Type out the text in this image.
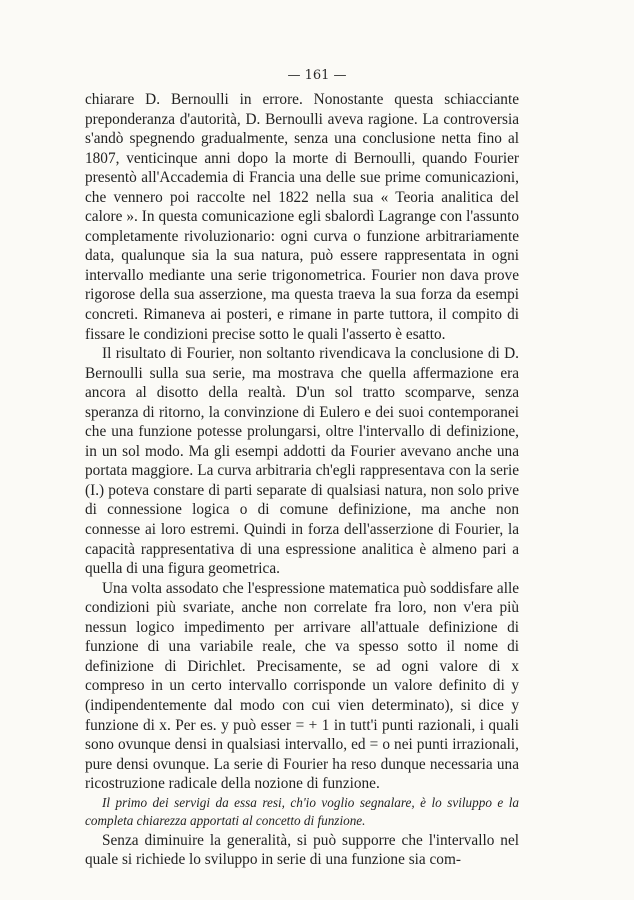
— 161 —

chiarare D. Bernoulli in errore. Nonostante questa schiacciante preponderanza d'autorità, D. Bernoulli aveva ragione. La controversia s'andò spegnendo gradualmente, senza una conclusione netta fino al 1807, venticinque anni dopo la morte di Bernoulli, quando Fourier presentò all'Accademia di Francia una delle sue prime comunicazioni, che vennero poi raccolte nel 1822 nella sua « Teoria analitica del calore ». In questa comunicazione egli sbalordì Lagrange con l'assunto completamente rivoluzionario: ogni curva o funzione arbitrariamente data, qualunque sia la sua natura, può essere rappresentata in ogni intervallo mediante una serie trigonometrica. Fourier non dava prove rigorose della sua asserzione, ma questa traeva la sua forza da esempi concreti. Rimaneva ai posteri, e rimane in parte tuttora, il compito di fissare le condizioni precise sotto le quali l'asserto è esatto.

Il risultato di Fourier, non soltanto rivendicava la conclusione di D. Bernoulli sulla sua serie, ma mostrava che quella affermazione era ancora al disotto della realtà. D'un sol tratto scomparve, senza speranza di ritorno, la convinzione di Eulero e dei suoi contemporanei che una funzione potesse prolungarsi, oltre l'intervallo di definizione, in un sol modo. Ma gli esempi addotti da Fourier avevano anche una portata maggiore. La curva arbitraria ch'egli rappresentava con la serie (I.) poteva constare di parti separate di qualsiasi natura, non solo prive di connessione logica o di comune definizione, ma anche non connesse ai loro estremi. Quindi in forza dell'asserzione di Fourier, la capacità rappresentativa di una espressione analitica è almeno pari a quella di una figura geometrica.

Una volta assodato che l'espressione matematica può soddisfare alle condizioni più svariate, anche non correlate fra loro, non v'era più nessun logico impedimento per arrivare all'attuale definizione di funzione di una variabile reale, che va spesso sotto il nome di definizione di Dirichlet. Precisamente, se ad ogni valore di x compreso in un certo intervallo corrisponde un valore definito di y (indipendentemente dal modo con cui vien determinato), si dice y funzione di x. Per es. y può esser = + 1 in tutt'i punti razionali, i quali sono ovunque densi in qualsiasi intervallo, ed = o nei punti irrazionali, pure densi ovunque. La serie di Fourier ha reso dunque necessaria una ricostruzione radicale della nozione di funzione.

Il primo dei servigi da essa resi, ch'io voglio segnalare, è lo sviluppo e la completa chiarezza apportati al concetto di funzione.

Senza diminuire la generalità, si può supporre che l'intervallo nel quale si richiede lo sviluppo in serie di una funzione sia com-
